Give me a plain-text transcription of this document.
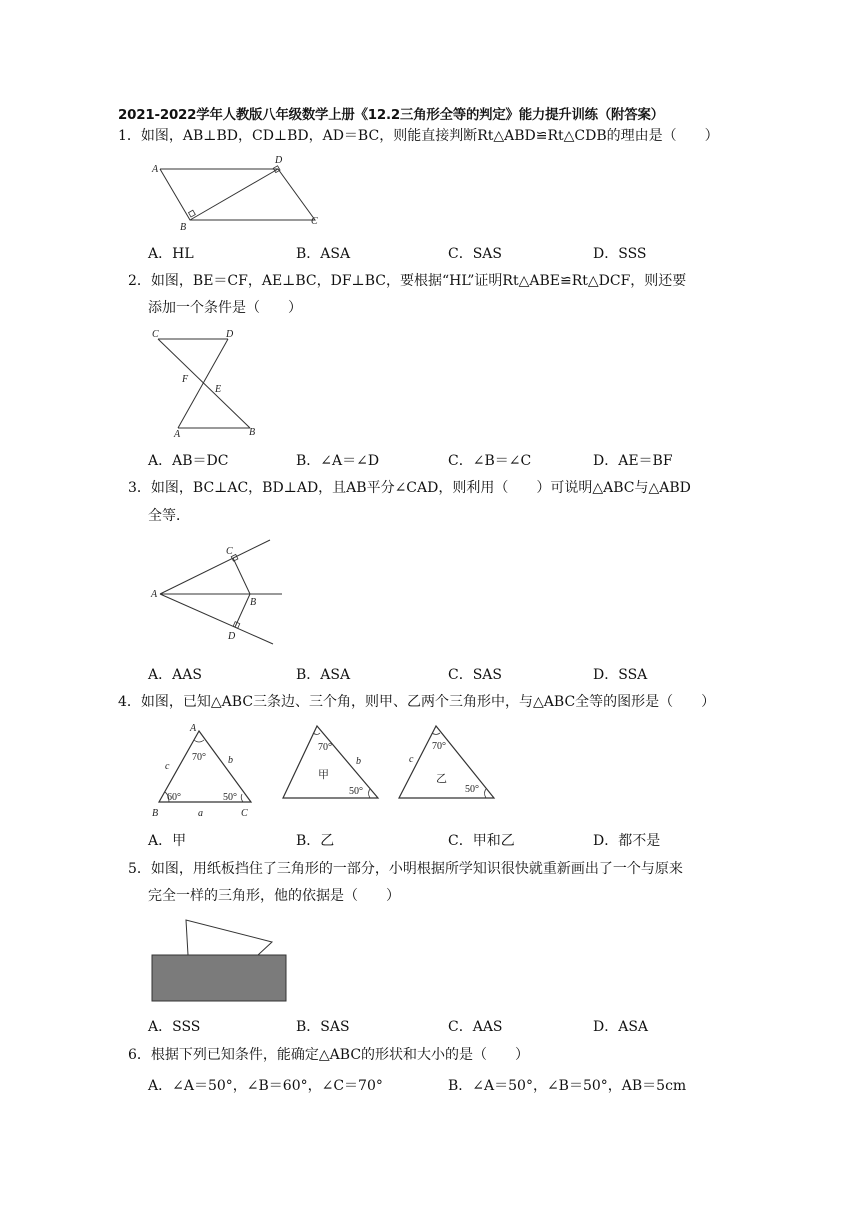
2021-2022学年人教版八年级数学上册《12.2三角形全等的判定》能力提升训练（附答案）
1．如图，AB⊥BD，CD⊥BD，AD＝BC，则能直接判断Rt△ABD≌Rt△CDB的理由是（　　）
A
D
B
C
A．HL	B．ASA	C．SAS	D．SSS
2．如图，BE＝CF，AE⊥BC，DF⊥BC，要根据“HL”证明Rt△ABE≌Rt△DCF，则还要
添加一个条件是（　　）
C	D
F
E
A	B
A．AB＝DC	B．∠A＝∠D	C．∠B＝∠C	D．AE＝BF
3．如图，BC⊥AC，BD⊥AD，且AB平分∠CAD，则利用（　　）可说明△ABC与△ABD
全等．
A
C
B
D
A．AAS	B．ASA	C．SAS	D．SSA
4．如图，已知△ABC三条边、三个角，则甲、乙两个三角形中，与△ABC全等的图形是（　　）
A
70°
c
b
60°	50°
B	a	C
70°
b
甲
50°
70°
c
乙
50°
A．甲	B．乙	C．甲和乙	D．都不是
5．如图，用纸板挡住了三角形的一部分，小明根据所学知识很快就重新画出了一个与原来
完全一样的三角形，他的依据是（　　）
A．SSS	B．SAS	C．AAS	D．ASA
6．根据下列已知条件，能确定△ABC的形状和大小的是（　　）
A．∠A＝50°，∠B＝60°，∠C＝70°	B．∠A＝50°，∠B＝50°，AB＝5cm
